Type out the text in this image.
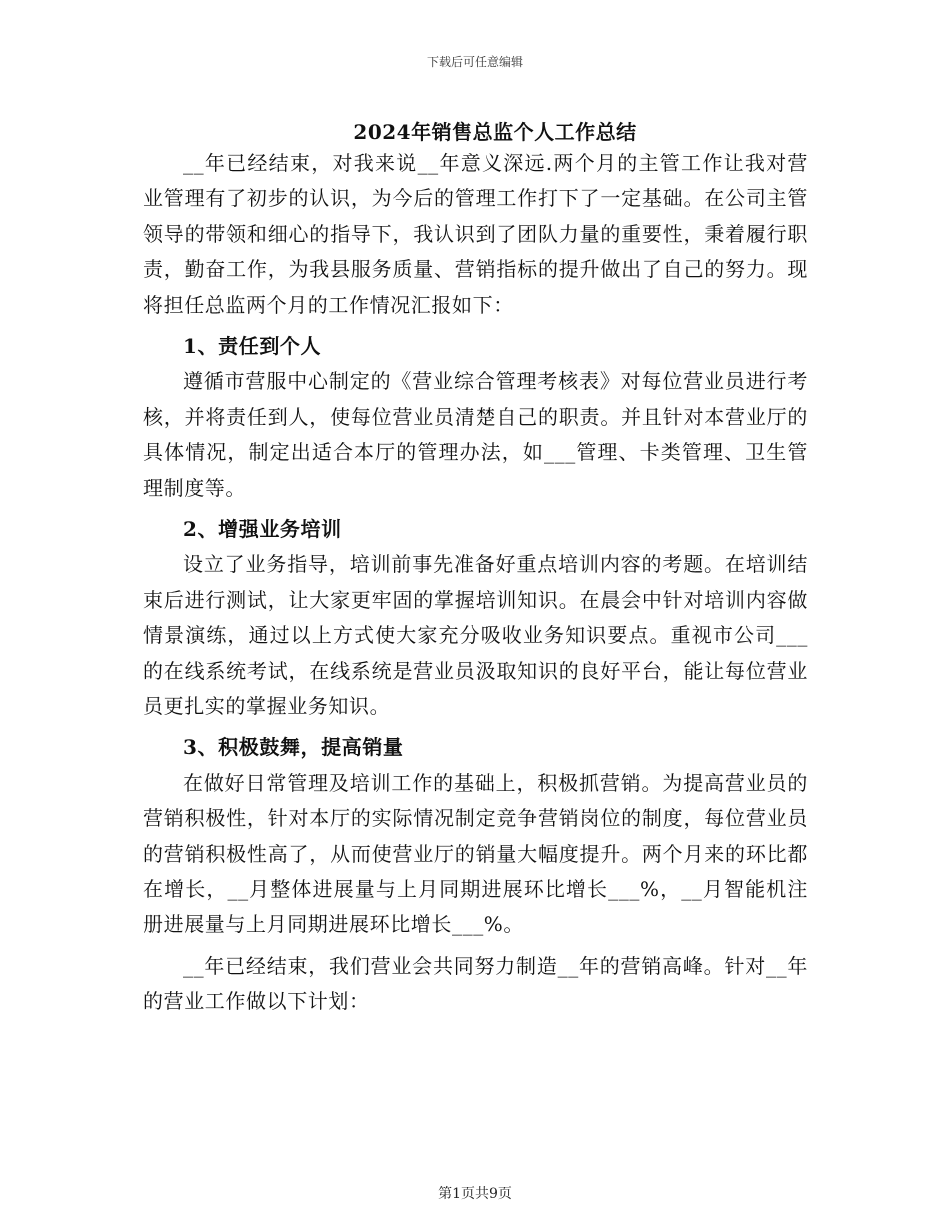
下载后可任意编辑
2024年销售总监个人工作总结

__年已经结束，对我来说__年意义深远.两个月的主管工作让我对营业管理有了初步的认识，为今后的管理工作打下了一定基础。在公司主管领导的带领和细心的指导下，我认识到了团队力量的重要性，秉着履行职责，勤奋工作，为我县服务质量、营销指标的提升做出了自己的努力。现将担任总监两个月的工作情况汇报如下：

1、责任到个人

遵循市营服中心制定的《营业综合管理考核表》对每位营业员进行考核，并将责任到人，使每位营业员清楚自己的职责。并且针对本营业厅的具体情况，制定出适合本厅的管理办法，如___管理、卡类管理、卫生管理制度等。

2、增强业务培训

设立了业务指导，培训前事先准备好重点培训内容的考题。在培训结束后进行测试，让大家更牢固的掌握培训知识。在晨会中针对培训内容做情景演练，通过以上方式使大家充分吸收业务知识要点。重视市公司___的在线系统考试，在线系统是营业员汲取知识的良好平台，能让每位营业员更扎实的掌握业务知识。

3、积极鼓舞，提高销量

在做好日常管理及培训工作的基础上，积极抓营销。为提高营业员的营销积极性，针对本厅的实际情况制定竞争营销岗位的制度，每位营业员的营销积极性高了，从而使营业厅的销量大幅度提升。两个月来的环比都在增长，__月整体进展量与上月同期进展环比增长___%，__月智能机注册进展量与上月同期进展环比增长___%。

__年已经结束，我们营业会共同努力制造__年的营销高峰。针对__年的营业工作做以下计划：

第1页共9页
